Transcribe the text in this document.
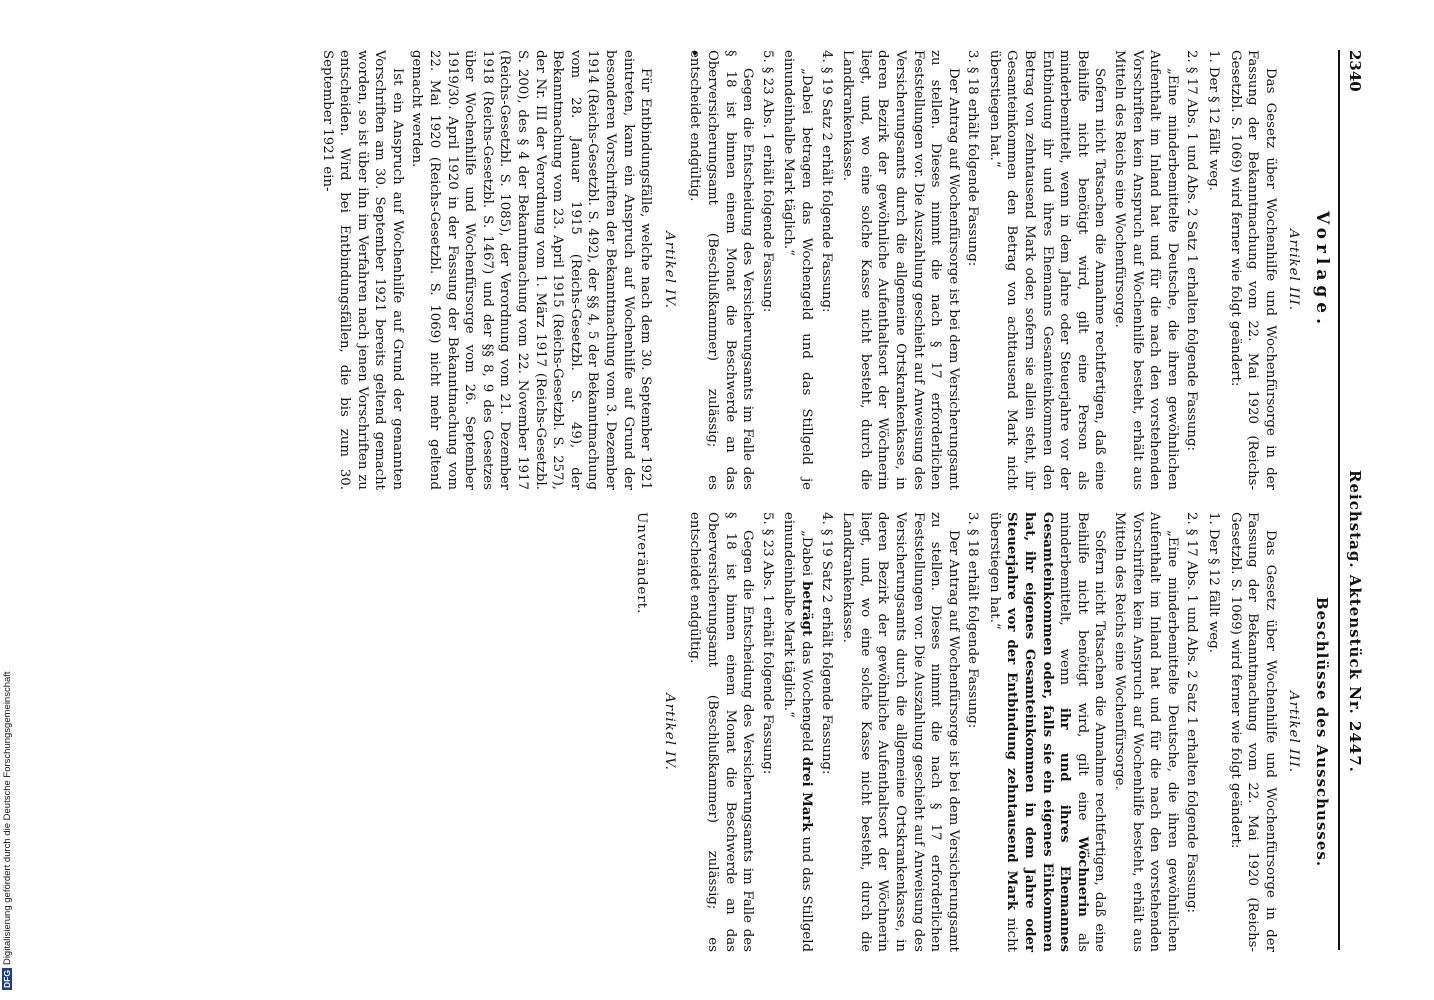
2340
Reichstag. Aktenstück Nr. 2447.
Vorlage.
Artikel III.

Das Gesetz über Wochenhilfe und Wochenfürsorge in der Fassung der Bekanntmachung vom 22. Mai 1920 (Reichs-Gesetzbl. S. 1069) wird ferner wie folgt geändert:

1. Der § 12 fällt weg.

2. § 17 Abs. 1 und Abs. 2 Satz 1 erhalten folgende Fassung:

„Eine minderbemittelte Deutsche, die ihren gewöhnlichen Aufenthalt im Inland hat und für die nach den vorstehenden Vorschriften kein Anspruch auf Wochenhilfe besteht, erhält aus Mitteln des Reichs eine Wochenfürsorge.

Sofern nicht Tatsachen die Annahme rechtfertigen, daß eine Beihilfe nicht benötigt wird, gilt eine Person als minderbemittelt, wenn in dem Jahre oder Steuerjahre vor der Entbindung ihr und ihres Ehemanns Gesamteinkommen den Betrag von zehntausend Mark oder, sofern sie allein steht, ihr Gesamteinkommen den Betrag von achttausend Mark nicht überstiegen hat.“

3. § 18 erhält folgende Fassung:

Der Antrag auf Wochenfürsorge ist bei dem Versicherungsamt zu stellen. Dieses nimmt die nach § 17 erforderlichen Feststellungen vor. Die Auszahlung geschieht auf Anweisung des Versicherungsamts durch die allgemeine Ortskrankenkasse, in deren Bezirk der gewöhnliche Aufenthaltsort der Wöchnerin liegt, und, wo eine solche Kasse nicht besteht, durch die Landkrankenkasse.

4. § 19 Satz 2 erhält folgende Fassung:

„Dabei betragen das Wochengeld und das Stillgeld je einundeinhalbe Mark täglich.“

5. § 23 Abs. 1 erhält folgende Fassung:

Gegen die Entscheidung des Versicherungsamts im Falle des § 18 ist binnen einem Monat die Beschwerde an das Oberversicherungsamt (Beschlußkammer) zulässig; es entscheidet endgültig.

Artikel IV.

Für Entbindungsfälle, welche nach dem 30. September 1921 eintreten, kann ein Anspruch auf Wochenhilfe auf Grund der besonderen Vorschriften der Bekanntmachung vom 3. Dezember 1914 (Reichs-Gesetzbl. S. 492), der §§ 4, 5 der Bekanntmachung vom 28. Januar 1915 (Reichs-Gesetzbl. S. 49), der Bekanntmachung vom 23. April 1915 (Reichs-Gesetzbl. S. 257), der Nr. III der Verordnung vom 1. März 1917 (Reichs-Gesetzbl. S. 200), des § 4 der Bekanntmachung vom 22. November 1917 (Reichs-Gesetzbl. S. 1085), der Verordnung vom 21. Dezember 1918 (Reichs-Gesetzbl. S. 1467) und der §§ 8, 9 des Gesetzes über Wochenhilfe und Wochenfürsorge vom 26. September 1919/30. April 1920 in der Fassung der Bekanntmachung vom 22. Mai 1920 (Reichs-Gesetzbl. S. 1069) nicht mehr geltend gemacht werden.

Ist ein Anspruch auf Wochenhilfe auf Grund der genannten Vorschriften am 30. September 1921 bereits geltend gemacht worden, so ist über ihn im Verfahren nach jenen Vorschriften zu entscheiden. Wird bei Entbindungsfällen, die bis zum 30. September 1921 ein-

Beschlüsse des Ausschusses.
Artikel III.

Das Gesetz über Wochenhilfe und Wochenfürsorge in der Fassung der Bekanntmachung vom 22. Mai 1920 (Reichs-Gesetzbl. S. 1069) wird ferner wie folgt geändert:

1. Der § 12 fällt weg.

2. § 17 Abs. 1 und Abs. 2 Satz 1 erhalten folgende Fassung:

„Eine minderbemittelte Deutsche, die ihren gewöhnlichen Aufenthalt im Inland hat und für die nach den vorstehenden Vorschriften kein Anspruch auf Wochenhilfe besteht, erhält aus Mitteln des Reichs eine Wochenfürsorge.

Sofern nicht Tatsachen die Annahme rechtfertigen, daß eine Beihilfe nicht benötigt wird, gilt eine Wöchnerin als minderbemittelt, wenn ihr und ihres Ehemannes Gesamteinkommen oder, falls sie ein eigenes Einkommen hat, ihr eigenes Gesamteinkommen in dem Jahre oder Steuerjahre vor der Entbindung zehntausend Mark nicht überstiegen hat.“

3. § 18 erhält folgende Fassung:

Der Antrag auf Wochenfürsorge ist bei dem Versicherungsamt zu stellen. Dieses nimmt die nach § 17 erforderlichen Feststellungen vor. Die Auszahlung geschieht auf Anweisung des Versicherungsamts durch die allgemeine Ortskrankenkasse, in deren Bezirk der gewöhnliche Aufenthaltsort der Wöchnerin liegt, und, wo eine solche Kasse nicht besteht, durch die Landkrankenkasse.

4. § 19 Satz 2 erhält folgende Fassung:

„Dabei beträgt das Wochengeld drei Mark und das Stillgeld einundeinhalbe Mark täglich.“

5. § 23 Abs. 1 erhält folgende Fassung:

Gegen die Entscheidung des Versicherungsamts im Falle des § 18 ist binnen einem Monat die Beschwerde an das Oberversicherungsamt (Beschlußkammer) zulässig; es entscheidet endgültig.

Artikel IV.

Unverändert.

DFGDigitalisierung gefördert durch die Deutsche Forschungsgemeinschaft
